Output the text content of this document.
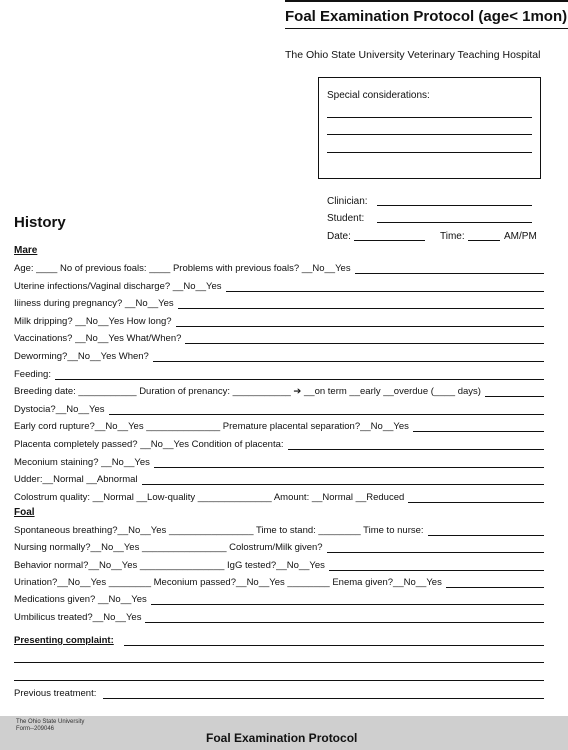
Foal Examination Protocol (age< 1mon)
The Ohio State University Veterinary Teaching Hospital
Special considerations:
Clinician:
Student:
Date:	Time:	AM/PM
History
Mare
Age: ____ No of previous foals: ____ Problems with previous foals? __No__Yes
Uterine infections/Vaginal discharge? __No__Yes
Iiiness during pregnancy? __No__Yes
Milk dripping? __No__Yes How long?
Vaccinations? __No__Yes What/When?
Deworming?__No__Yes When?
Feeding:
Breeding date: ___________ Duration of prenancy: ___________ ➔ __on term __early __overdue (____ days)
Dystocia?__No__Yes
Early cord rupture?__No__Yes ______________ Premature placental separation?__No__Yes
Placenta completely passed? __No__Yes Condition of placenta:
Meconium staining? __No__Yes
Udder:__Normal __Abnormal
Colostrum quality: __Normal __Low-quality ______________ Amount: __Normal __Reduced
Foal
Spontaneous breathing?__No__Yes ________________ Time to stand: ________ Time to nurse:
Nursing normally?__No__Yes ________________ Colostrum/Milk given?
Behavior normal?__No__Yes ________________ IgG tested?__No__Yes
Urination?__No__Yes ________ Meconium passed?__No__Yes ________ Enema given?__No__Yes
Medications given? __No__Yes
Umbilicus treated?__No__Yes
Presenting complaint:
Previous treatment:
The Ohio State University
Form--209046
Foal Examination Protocol
